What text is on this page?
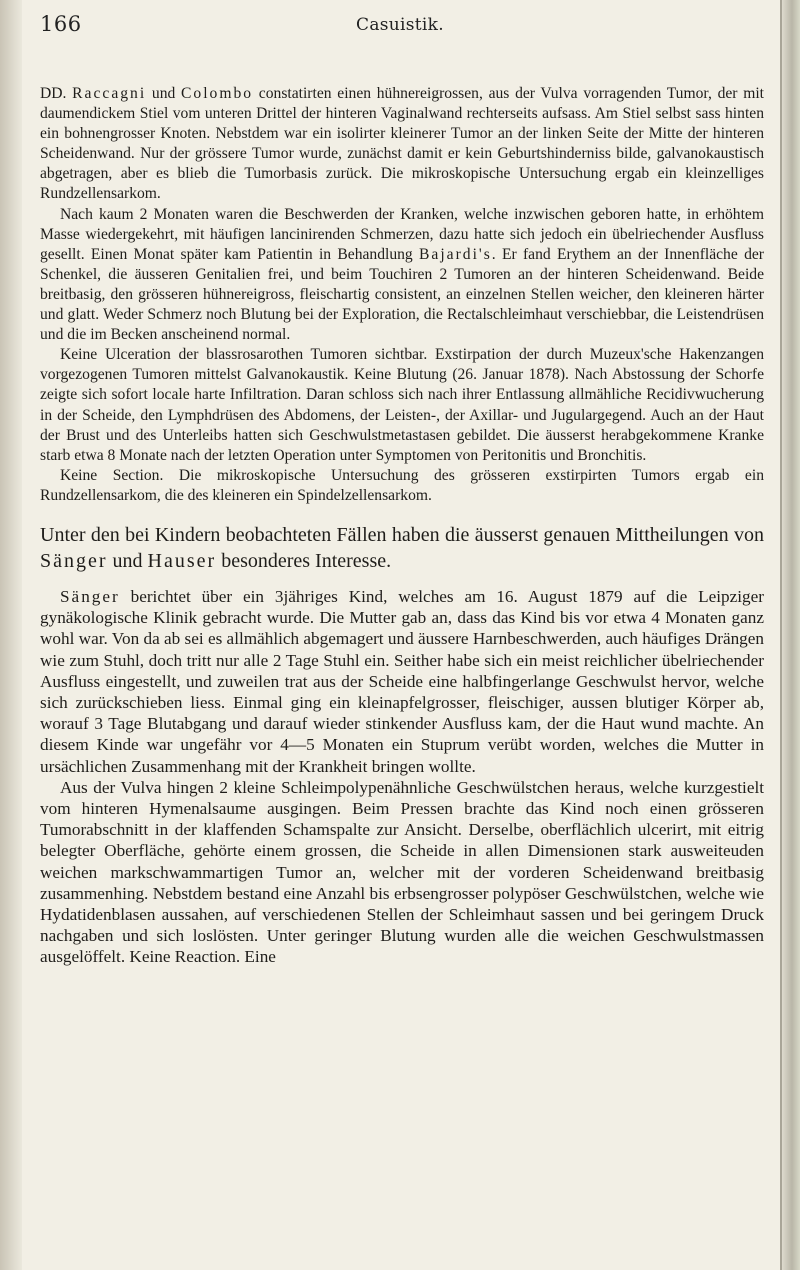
166	Casuistik.

DD. Raccagni und Colombo constatirten einen hühnereigrossen, aus der Vulva vorragenden Tumor, der mit daumendickem Stiel vom unteren Drittel der hinteren Vaginalwand rechterseits aufsass. Am Stiel selbst sass hinten ein bohnengrosser Knoten. Nebstdem war ein isolirter kleinerer Tumor an der linken Seite der Mitte der hinteren Scheidenwand. Nur der grössere Tumor wurde, zunächst damit er kein Geburtshinderniss bilde, galvanokaustisch abgetragen, aber es blieb die Tumorbasis zurück. Die mikroskopische Untersuchung ergab ein kleinzelliges Rundzellensarkom.

Nach kaum 2 Monaten waren die Beschwerden der Kranken, welche inzwischen geboren hatte, in erhöhtem Masse wiedergekehrt, mit häufigen lancinirenden Schmerzen, dazu hatte sich jedoch ein übelriechender Ausfluss gesellt. Einen Monat später kam Patientin in Behandlung Bajardi's. Er fand Erythem an der Innenfläche der Schenkel, die äusseren Genitalien frei, und beim Touchiren 2 Tumoren an der hinteren Scheidenwand. Beide breitbasig, den grösseren hühnereigross, fleischartig consistent, an einzelnen Stellen weicher, den kleineren härter und glatt. Weder Schmerz noch Blutung bei der Exploration, die Rectalschleimhaut verschiebbar, die Leistendrüsen und die im Becken anscheinend normal.

Keine Ulceration der blassrosarothen Tumoren sichtbar. Exstirpation der durch Muzeux'sche Hakenzangen vorgezogenen Tumoren mittelst Galvanokaustik. Keine Blutung (26. Januar 1878). Nach Abstossung der Schorfe zeigte sich sofort locale harte Infiltration. Daran schloss sich nach ihrer Entlassung allmähliche Recidivwucherung in der Scheide, den Lymphdrüsen des Abdomens, der Leisten-, der Axillar- und Jugulargegend. Auch an der Haut der Brust und des Unterleibs hatten sich Geschwulstmetastasen gebildet. Die äusserst herabgekommene Kranke starb etwa 8 Monate nach der letzten Operation unter Symptomen von Peritonitis und Bronchitis.

Keine Section. Die mikroskopische Untersuchung des grösseren exstirpirten Tumors ergab ein Rundzellensarkom, die des kleineren ein Spindelzellensarkom.

Unter den bei Kindern beobachteten Fällen haben die äusserst genauen Mittheilungen von Sänger und Hauser besonderes Interesse.

Sänger berichtet über ein 3jähriges Kind, welches am 16. August 1879 auf die Leipziger gynäkologische Klinik gebracht wurde. Die Mutter gab an, dass das Kind bis vor etwa 4 Monaten ganz wohl war. Von da ab sei es allmählich abgemagert und äussere Harnbeschwerden, auch häufiges Drängen wie zum Stuhl, doch tritt nur alle 2 Tage Stuhl ein. Seither habe sich ein meist reichlicher übelriechender Ausfluss eingestellt, und zuweilen trat aus der Scheide eine halbfingerlange Geschwulst hervor, welche sich zurückschieben liess. Einmal ging ein kleinapfelgrosser, fleischiger, aussen blutiger Körper ab, worauf 3 Tage Blutabgang und darauf wieder stinkender Ausfluss kam, der die Haut wund machte. An diesem Kinde war ungefähr vor 4—5 Monaten ein Stuprum verübt worden, welches die Mutter in ursächlichen Zusammenhang mit der Krankheit bringen wollte.

Aus der Vulva hingen 2 kleine Schleimpolypenähnliche Geschwülstchen heraus, welche kurzgestielt vom hinteren Hymenalsaume ausgingen. Beim Pressen brachte das Kind noch einen grösseren Tumorabschnitt in der klaffenden Schamspalte zur Ansicht. Derselbe, oberflächlich ulcerirt, mit eitrig belegter Oberfläche, gehörte einem grossen, die Scheide in allen Dimensionen stark ausweiteuden weichen markschwammartigen Tumor an, welcher mit der vorderen Scheidenwand breitbasig zusammenhing. Nebstdem bestand eine Anzahl bis erbsengrosser polypöser Geschwülstchen, welche wie Hydatidenblasen aussahen, auf verschiedenen Stellen der Schleimhaut sassen und bei geringem Druck nachgaben und sich loslösten. Unter geringer Blutung wurden alle die weichen Geschwulstmassen ausgelöffelt. Keine Reaction. Eine
